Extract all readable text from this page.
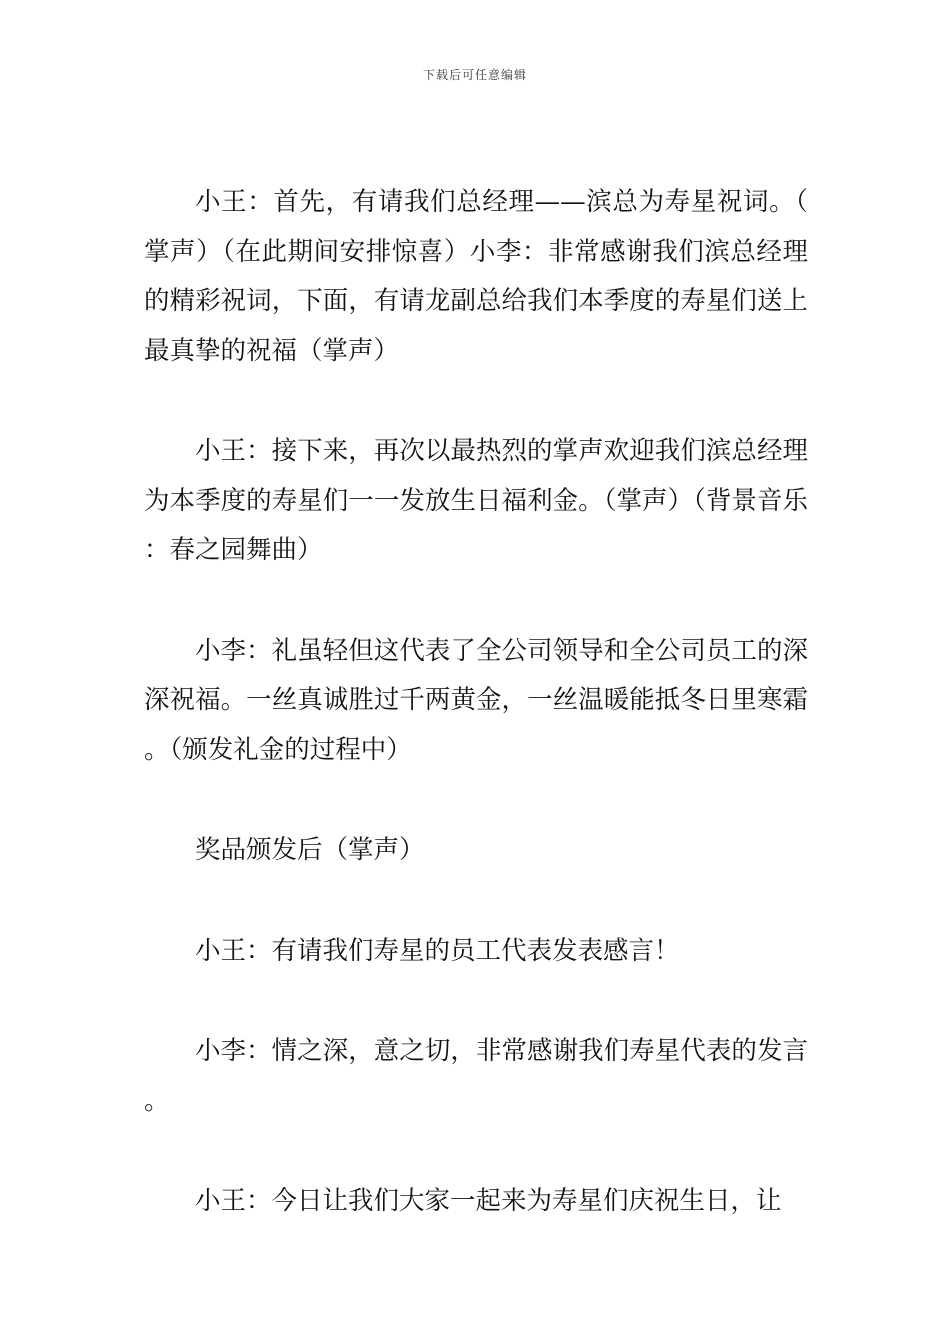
下载后可任意编辑

小王：首先，有请我们总经理——滨总为寿星祝词。（掌声）（在此期间安排惊喜）小李：非常感谢我们滨总经理的精彩祝词，下面，有请龙副总给我们本季度的寿星们送上最真挚的祝福（掌声）

小王：接下来，再次以最热烈的掌声欢迎我们滨总经理为本季度的寿星们一一发放生日福利金。（掌声）（背景音乐：春之园舞曲）

小李：礼虽轻但这代表了全公司领导和全公司员工的深深祝福。一丝真诚胜过千两黄金，一丝温暖能抵冬日里寒霜。（颁发礼金的过程中）

奖品颁发后（掌声）

小王：有请我们寿星的员工代表发表感言！

小李：情之深，意之切，非常感谢我们寿星代表的发言。

小王：今日让我们大家一起来为寿星们庆祝生日，让
